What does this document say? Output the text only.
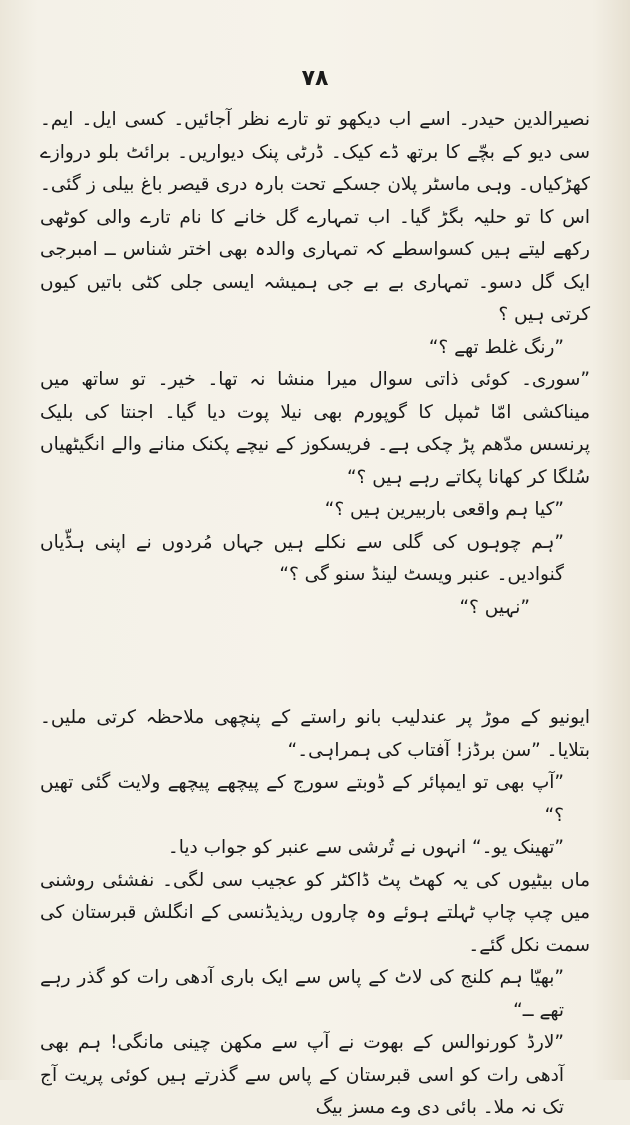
۷۸

نصیرالدین حیدر۔ اسے اب دیکھو تو تارے نظر آجائیں۔ کسی ایل۔ ایم۔ سی دیو کے بچّے کا برتھ ڈے کیک۔ ڈرٹی پنک دیواریں۔ برائٹ بلو دروازے کھڑکیاں۔ وہی ماسٹر پلان جسکے تحت بارہ دری قیصر باغ بیلی ز گئی۔ اس کا تو حلیہ بگڑ گیا۔ اب تمہارے گل خانے کا نام تارے والی کوٹھی رکھے لیتے ہیں کسواسطے کہ تمہاری والدہ بھی اختر شناس ــ امبرجی ایک گل دسو۔ تمہاری بے بے جی ہمیشہ ایسی جلی کٹی باتیں کیوں کرتی ہیں ؟

”رنگ غلط تھے ؟“

”سوری۔ کوئی ذاتی سوال میرا منشا نہ تھا۔ خیر۔ تو ساتھ میں میناکشی امّا ٹمپل کا گوپورم بھی نیلا پوت دیا گیا۔ اجنتا کی بلیک پرنسس مدّھم پڑ چکی ہے۔ فریسکوز کے نیچے پکنک منانے والے انگیٹھیاں سُلگا کر کھانا پکاتے رہے ہیں ؟“

”کیا ہم واقعی باربیرین ہیں ؟“

”ہم چوہوں کی گلی سے نکلے ہیں جہاں مُردوں نے اپنی ہڈّیاں گنوادیں۔ عنبر ویسٹ لینڈ سنو گی ؟“

”نہیں ؟“

ایونیو کے موڑ پر عندلیب بانو راستے کے پنچھی ملاحظہ کرتی ملیں۔ بتلایا۔ ”سن برڈز! آفتاب کی ہمراہی۔“

”آپ بھی تو ایمپائر کے ڈوبتے سورج کے پیچھے پیچھے ولایت گئی تھیں ؟“

”تھینک یو۔“ انہوں نے تُرشی سے عنبر کو جواب دیا۔

ماں بیٹیوں کی یہ کھٹ پٹ ڈاکٹر کو عجیب سی لگی۔ نفشئی روشنی میں چپ چاپ ٹہلتے ہوئے وہ چاروں ریذیڈنسی کے انگلش قبرستان کی سمت نکل گئے۔

”بھیّا ہم کلنج کی لاٹ کے پاس سے ایک باری آدھی رات کو گذر رہے تھے ــ“

”لارڈ کورنوالس کے بھوت نے آپ سے مکھن چینی مانگی! ہم بھی آدھی رات کو اسی قبرستان کے پاس سے گذرتے ہیں کوئی پریت آج تک نہ ملا۔ بائی دی وے مسز بیگ
